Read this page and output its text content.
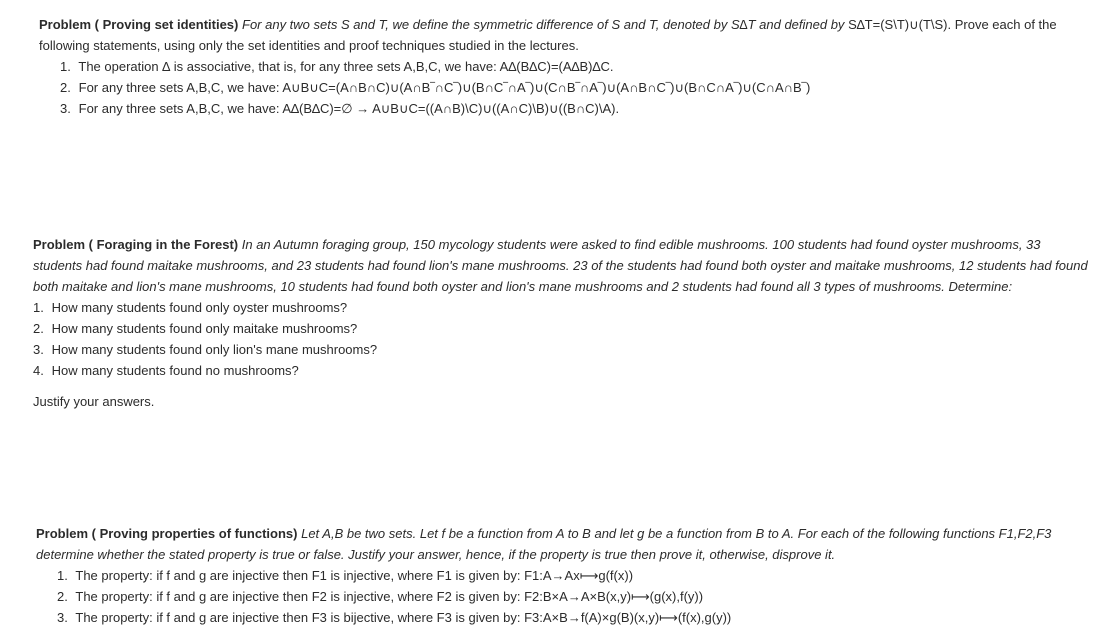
Problem ( Proving set identities) For any two sets S and T, we define the symmetric difference of S and T, denoted by S∆T and defined by S∆T=(S\T)∪(T\S). Prove each of the following statements, using only the set identities and proof techniques studied in the lectures.
1. The operation ∆ is associative, that is, for any three sets A,B,C, we have: A∆(B∆C)=(A∆B)∆C.
2. For any three sets A,B,C, we have: A∪B∪C=(A∩B∩C)∪(A∩B‾∩C‾)∪(B∩C‾∩A‾)∪(C∩B‾∩A‾)∪(A∩B∩C‾)∪(B∩C∩A‾)∪(C∩A∩B‾)
3. For any three sets A,B,C, we have: A∆(B∆C)=∅ → A∪B∪C=((A∩B)\C)∪((A∩C)\B)∪((B∩C)\A).
Problem ( Foraging in the Forest) In an Autumn foraging group, 150 mycology students were asked to find edible mushrooms. 100 students had found oyster mushrooms, 33 students had found maitake mushrooms, and 23 students had found lion's mane mushrooms. 23 of the students had found both oyster and maitake mushrooms, 12 students had found both maitake and lion's mane mushrooms, 10 students had found both oyster and lion's mane mushrooms and 2 students had found all 3 types of mushrooms. Determine:
1. How many students found only oyster mushrooms?
2. How many students found only maitake mushrooms?
3. How many students found only lion's mane mushrooms?
4. How many students found no mushrooms?
Justify your answers.
Problem ( Proving properties of functions) Let A,B be two sets. Let f be a function from A to B and let g be a function from B to A. For each of the following functions F1,F2,F3 determine whether the stated property is true or false. Justify your answer, hence, if the property is true then prove it, otherwise, disprove it.
1. The property: if f and g are injective then F1 is injective, where F1 is given by: F1:A→Ax⟼g(f(x))
2. The property: if f and g are injective then F2 is injective, where F2 is given by: F2:B×A→A×B(x,y)⟼(g(x),f(y))
3. The property: if f and g are injective then F3 is bijective, where F3 is given by: F3:A×B→f(A)×g(B)(x,y)⟼(f(x),g(y))
